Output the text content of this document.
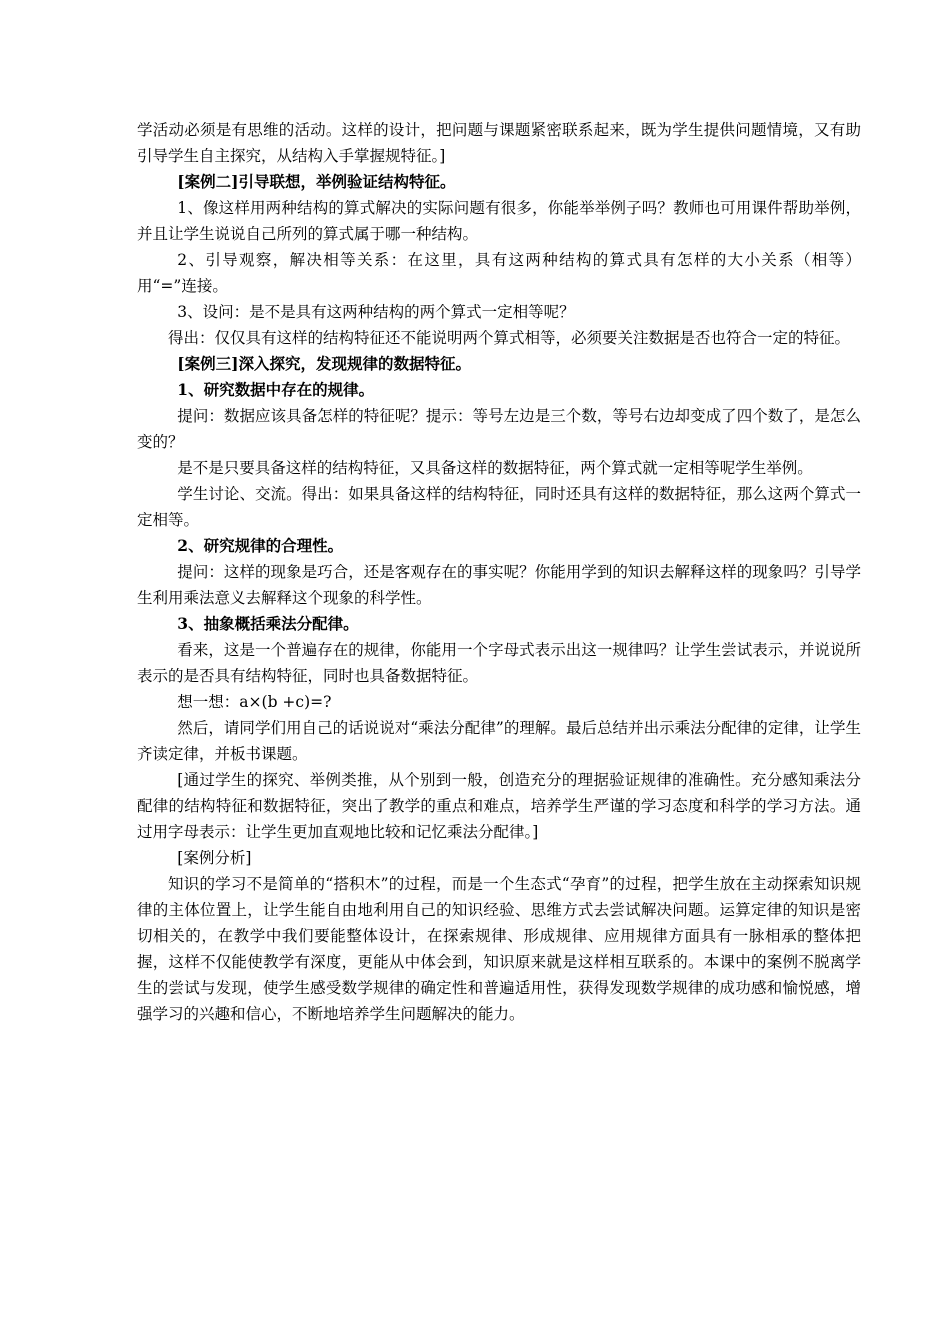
学活动必须是有思维的活动。这样的设计，把问题与课题紧密联系起来，既为学生提供问题情境，又有助引导学生自主探究，从结构入手掌握规特征。]

[案例二]引导联想，举例验证结构特征。

1、像这样用两种结构的算式解决的实际问题有很多，你能举举例子吗？教师也可用课件帮助举例，并且让学生说说自己所列的算式属于哪一种结构。

2、引导观察，解决相等关系：在这里，具有这两种结构的算式具有怎样的大小关系（相等）用“=”连接。

3、设问：是不是具有这两种结构的两个算式一定相等呢？

得出：仅仅具有这样的结构特征还不能说明两个算式相等，必须要关注数据是否也符合一定的特征。

[案例三]深入探究，发现规律的数据特征。

1、研究数据中存在的规律。

提问：数据应该具备怎样的特征呢？提示：等号左边是三个数，等号右边却变成了四个数了，是怎么变的？

是不是只要具备这样的结构特征，又具备这样的数据特征，两个算式就一定相等呢学生举例。

学生讨论、交流。得出：如果具备这样的结构特征，同时还具有这样的数据特征，那么这两个算式一定相等。

2、研究规律的合理性。

提问：这样的现象是巧合，还是客观存在的事实呢？你能用学到的知识去解释这样的现象吗？引导学生利用乘法意义去解释这个现象的科学性。

3、抽象概括乘法分配律。

看来，这是一个普遍存在的规律，你能用一个字母式表示出这一规律吗？让学生尝试表示，并说说所表示的是否具有结构特征，同时也具备数据特征。

想一想：a×(b +c)=?

然后，请同学们用自己的话说说对“乘法分配律”的理解。最后总结并出示乘法分配律的定律，让学生齐读定律，并板书课题。

[通过学生的探究、举例类推，从个别到一般，创造充分的理据验证规律的准确性。充分感知乘法分配律的结构特征和数据特征，突出了教学的重点和难点，培养学生严谨的学习态度和科学的学习方法。通过用字母表示：让学生更加直观地比较和记忆乘法分配律。]

[案例分析]

知识的学习不是简单的“搭积木”的过程，而是一个生态式“孕育”的过程，把学生放在主动探索知识规律的主体位置上，让学生能自由地利用自己的知识经验、思维方式去尝试解决问题。运算定律的知识是密切相关的，在教学中我们要能整体设计，在探索规律、形成规律、应用规律方面具有一脉相承的整体把握，这样不仅能使教学有深度，更能从中体会到，知识原来就是这样相互联系的。本课中的案例不脱离学生的尝试与发现，使学生感受数学规律的确定性和普遍适用性，获得发现数学规律的成功感和愉悦感，增强学习的兴趣和信心，不断地培养学生问题解决的能力。
